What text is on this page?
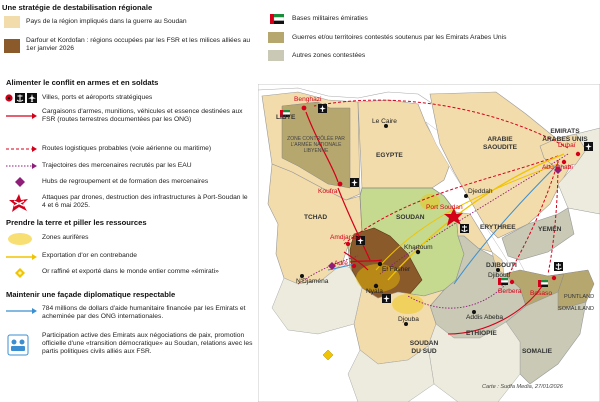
Une stratégie de destabilisation régionale
Pays de la région impliqués dans la guerre au Soudan
Darfour et Kordofan : régions occupées par les FSR et les milices alliées au 1er janvier 2026
Bases militaires émiraties
Guerres et/ou territoires contestés soutenus par les Emirats Arabes Unis
Autres zones contestées
Alimenter le conflit en armes et en soldats
Villes, ports et aéroports stratégiques
Cargaisons d'armes, munitions, véhicules et essence destinées aux FSR (routes terrestres documentées par les ONG)
Routes logistiques probables (voie aérienne ou maritime)
Trajectoires des mercenaires recrutés par les EAU
Hubs de regroupement et de formation des mercenaires
Attaques par drones, destruction des infrastructures à Port-Soudan le 4 et 6 mai 2025.
Prendre la terre et piller les ressources
Zones aurifères
Exportation d'or en contrebande
Or raffiné et exporté dans le monde entier comme «émirati»
Maintenir une façade diplomatique respectable
784 millions de dollars d'aide humanitaire financée par les Emirats et acheminée par des ONG internationales.
Participation active des Emirats aux négociations de paix, promotion officielle d'une «transition démocratique» au Soudan, relations avec les partis politiques civils alliés aux FSR.
LIBYE
ZONE CONTRÔLÉE PAR L'ARMÉE NATIONALE LIBYENNE
EGYPTE
ARABIE SAOUDITE
EMIRATS ARABES UNIS
TCHAD	SOUDAN
ERYTHREE	YEMEN
DJIBOUTI
ETHIOPIE
SOUDAN DU SUD	SOMALIE
PUNTLAND
SOMALILAND
Benghazi
Koufra
Port Soudan
Amdjarass
Adré
Dubaï
Abu Dhabi
Berbera Bosaso
Le Caire
Djeddah
Khartoum
El Fasher
Nyala
N'Djaména
Djouba	Addis Abeba
Djibouti
Carte : Sudfa Media, 27/01/2026
